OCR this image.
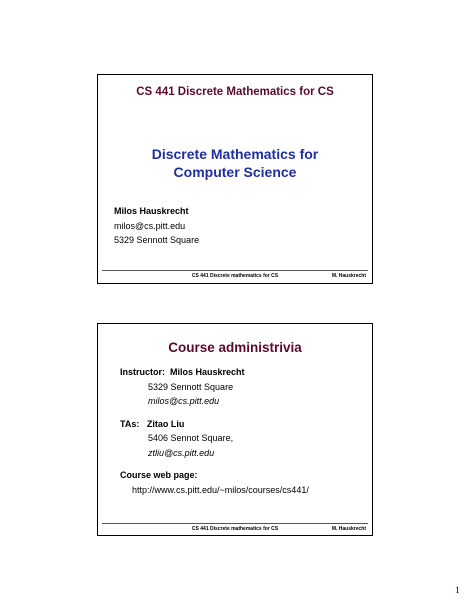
CS 441 Discrete Mathematics for CS
Discrete Mathematics for
Computer Science
Milos Hauskrecht
milos@cs.pitt.edu
5329 Sennott Square
CS 441 Discrete mathematics for CS	M. Hauskrecht
Course administrivia
Instructor: Milos Hauskrecht
5329 Sennott Square
milos@cs.pitt.edu
TAs: Zitao Liu
5406 Sennot Square,
ztliu@cs.pitt.edu
Course web page:
http://www.cs.pitt.edu/~milos/courses/cs441/
CS 441 Discrete mathematics for CS	M. Hauskrecht
1
